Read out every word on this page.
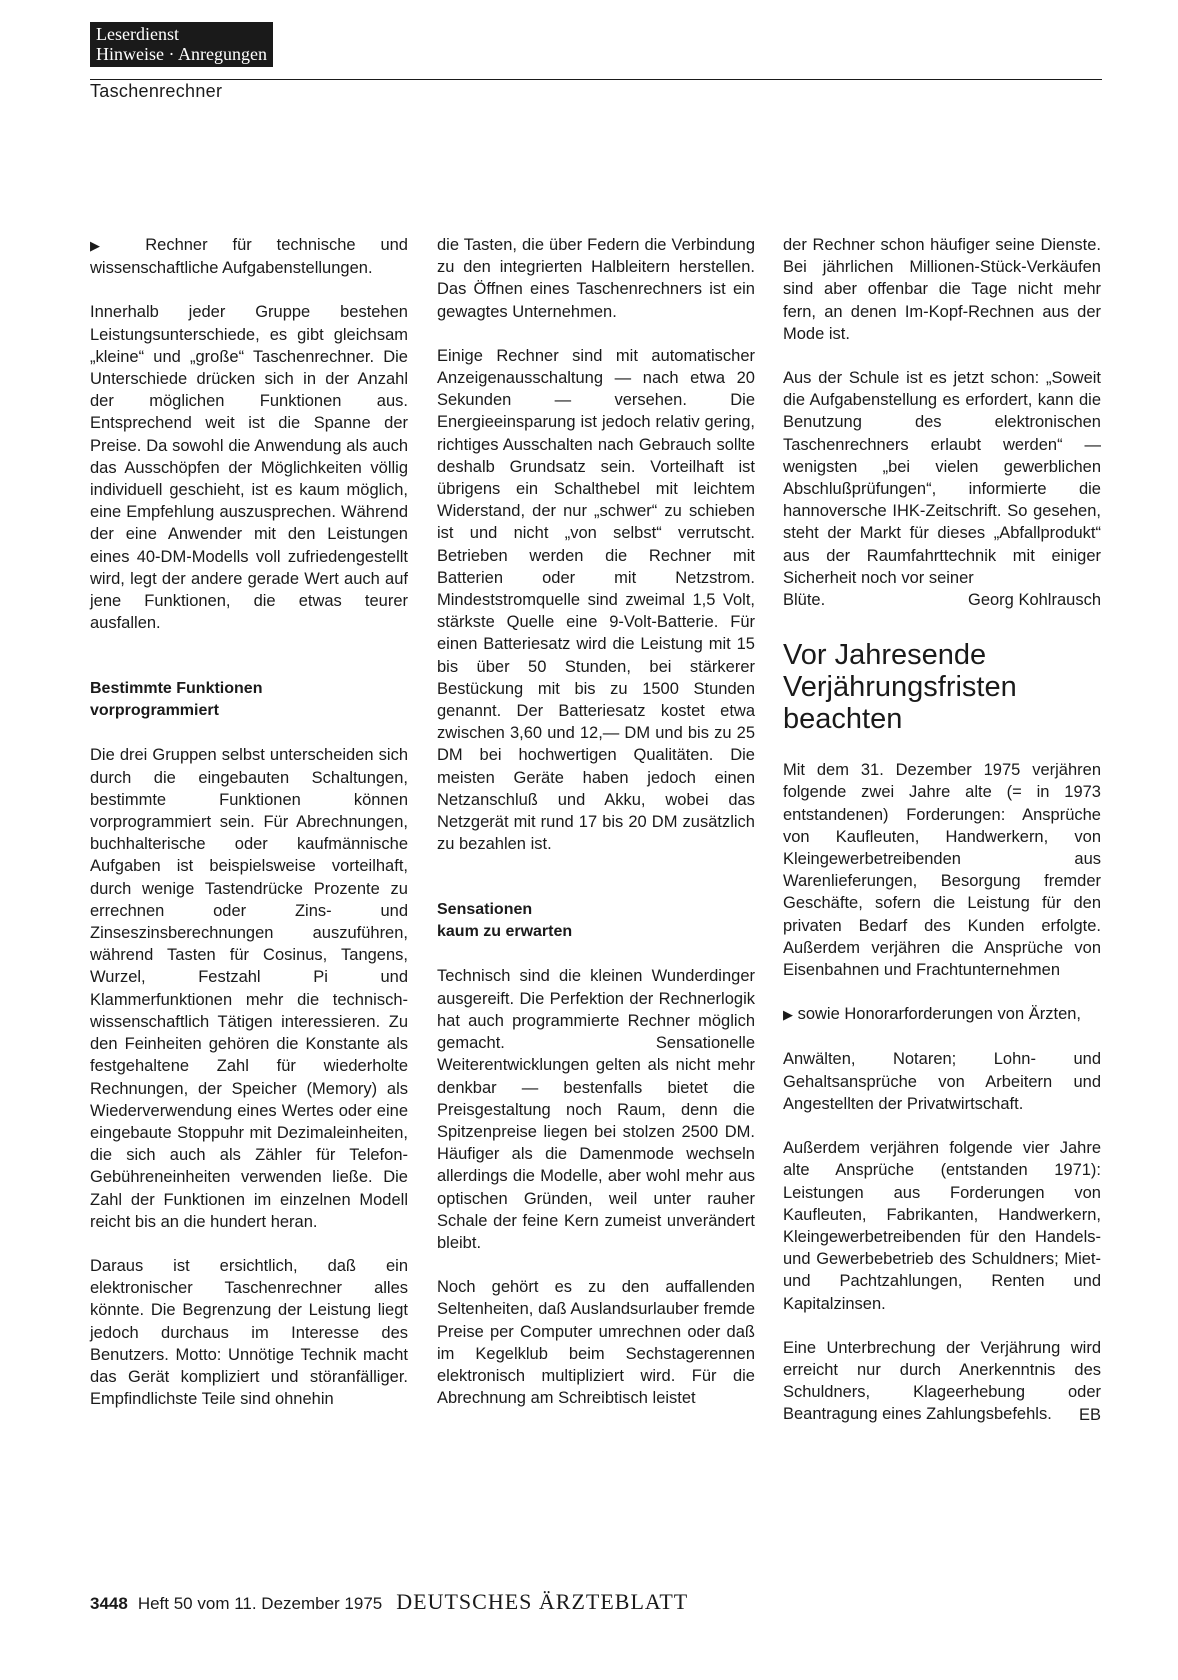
Leserdienst
Hinweise · Anregungen
Taschenrechner

▶ Rechner für technische und wissenschaftliche Aufgabenstellungen.

Innerhalb jeder Gruppe bestehen Leistungsunterschiede, es gibt gleichsam „kleine“ und „große“ Taschenrechner. Die Unterschiede drücken sich in der Anzahl der möglichen Funktionen aus. Entsprechend weit ist die Spanne der Preise. Da sowohl die Anwendung als auch das Ausschöpfen der Möglichkeiten völlig individuell geschieht, ist es kaum möglich, eine Empfehlung auszusprechen. Während der eine Anwender mit den Leistungen eines 40-DM-Modells voll zufriedengestellt wird, legt der andere gerade Wert auch auf jene Funktionen, die etwas teurer ausfallen.

Bestimmte Funktionen
vorprogrammiert

Die drei Gruppen selbst unterscheiden sich durch die eingebauten Schaltungen, bestimmte Funktionen können vorprogrammiert sein. Für Abrechnungen, buchhalterische oder kaufmännische Aufgaben ist beispielsweise vorteilhaft, durch wenige Tastendrücke Prozente zu errechnen oder Zins- und Zinseszinsberechnungen auszuführen, während Tasten für Cosinus, Tangens, Wurzel, Festzahl Pi und Klammerfunktionen mehr die technisch-wissenschaftlich Tätigen interessieren. Zu den Feinheiten gehören die Konstante als festgehaltene Zahl für wiederholte Rechnungen, der Speicher (Memory) als Wiederverwendung eines Wertes oder eine eingebaute Stoppuhr mit Dezimaleinheiten, die sich auch als Zähler für Telefon-Gebühreneinheiten verwenden ließe. Die Zahl der Funktionen im einzelnen Modell reicht bis an die hundert heran.

Daraus ist ersichtlich, daß ein elektronischer Taschenrechner alles könnte. Die Begrenzung der Leistung liegt jedoch durchaus im Interesse des Benutzers. Motto: Unnötige Technik macht das Gerät kompliziert und störanfälliger. Empfindlichste Teile sind ohnehin

die Tasten, die über Federn die Verbindung zu den integrierten Halbleitern herstellen. Das Öffnen eines Taschenrechners ist ein gewagtes Unternehmen.

Einige Rechner sind mit automatischer Anzeigenausschaltung — nach etwa 20 Sekunden — versehen. Die Energieeinsparung ist jedoch relativ gering, richtiges Ausschalten nach Gebrauch sollte deshalb Grundsatz sein. Vorteilhaft ist übrigens ein Schalthebel mit leichtem Widerstand, der nur „schwer“ zu schieben ist und nicht „von selbst“ verrutscht. Betrieben werden die Rechner mit Batterien oder mit Netzstrom. Mindeststromquelle sind zweimal 1,5 Volt, stärkste Quelle eine 9-Volt-Batterie. Für einen Batteriesatz wird die Leistung mit 15 bis über 50 Stunden, bei stärkerer Bestückung mit bis zu 1500 Stunden genannt. Der Batteriesatz kostet etwa zwischen 3,60 und 12,— DM und bis zu 25 DM bei hochwertigen Qualitäten. Die meisten Geräte haben jedoch einen Netzanschluß und Akku, wobei das Netzgerät mit rund 17 bis 20 DM zusätzlich zu bezahlen ist.

Sensationen
kaum zu erwarten

Technisch sind die kleinen Wunderdinger ausgereift. Die Perfektion der Rechnerlogik hat auch programmierte Rechner möglich gemacht. Sensationelle Weiterentwicklungen gelten als nicht mehr denkbar — bestenfalls bietet die Preisgestaltung noch Raum, denn die Spitzenpreise liegen bei stolzen 2500 DM. Häufiger als die Damenmode wechseln allerdings die Modelle, aber wohl mehr aus optischen Gründen, weil unter rauher Schale der feine Kern zumeist unverändert bleibt.

Noch gehört es zu den auffallenden Seltenheiten, daß Auslandsurlauber fremde Preise per Computer umrechnen oder daß im Kegelklub beim Sechstagerennen elektronisch multipliziert wird. Für die Abrechnung am Schreibtisch leistet

der Rechner schon häufiger seine Dienste. Bei jährlichen Millionen-Stück-Verkäufen sind aber offenbar die Tage nicht mehr fern, an denen Im-Kopf-Rechnen aus der Mode ist.

Aus der Schule ist es jetzt schon: „Soweit die Aufgabenstellung es erfordert, kann die Benutzung des elektronischen Taschenrechners erlaubt werden“ — wenigsten „bei vielen gewerblichen Abschlußprüfungen“, informierte die hannoversche IHK-Zeitschrift. So gesehen, steht der Markt für dieses „Abfallprodukt“ aus der Raumfahrttechnik mit einiger Sicherheit noch vor seiner

Blüte.	Georg Kohlrausch
Vor Jahresende
Verjährungsfristen
beachten

Mit dem 31. Dezember 1975 verjähren folgende zwei Jahre alte (= in 1973 entstandenen) Forderungen: Ansprüche von Kaufleuten, Handwerkern, von Kleingewerbetreibenden aus Warenlieferungen, Besorgung fremder Geschäfte, sofern die Leistung für den privaten Bedarf des Kunden erfolgte. Außerdem verjähren die Ansprüche von Eisenbahnen und Frachtunternehmen

▶ sowie Honorarforderungen von Ärzten,

Anwälten, Notaren; Lohn- und Gehaltsansprüche von Arbeitern und Angestellten der Privatwirtschaft.

Außerdem verjähren folgende vier Jahre alte Ansprüche (entstanden 1971): Leistungen aus Forderungen von Kaufleuten, Fabrikanten, Handwerkern, Kleingewerbetreibenden für den Handels- und Gewerbebetrieb des Schuldners; Miet- und Pachtzahlungen, Renten und Kapitalzinsen.

Eine Unterbrechung der Verjährung wird erreicht nur durch Anerkenntnis des Schuldners, Klageerhebung oder Beantragung eines Zahlungsbefehls.	EB
3448 Heft 50 vom 11. Dezember 1975 DEUTSCHES ÄRZTEBLATT
